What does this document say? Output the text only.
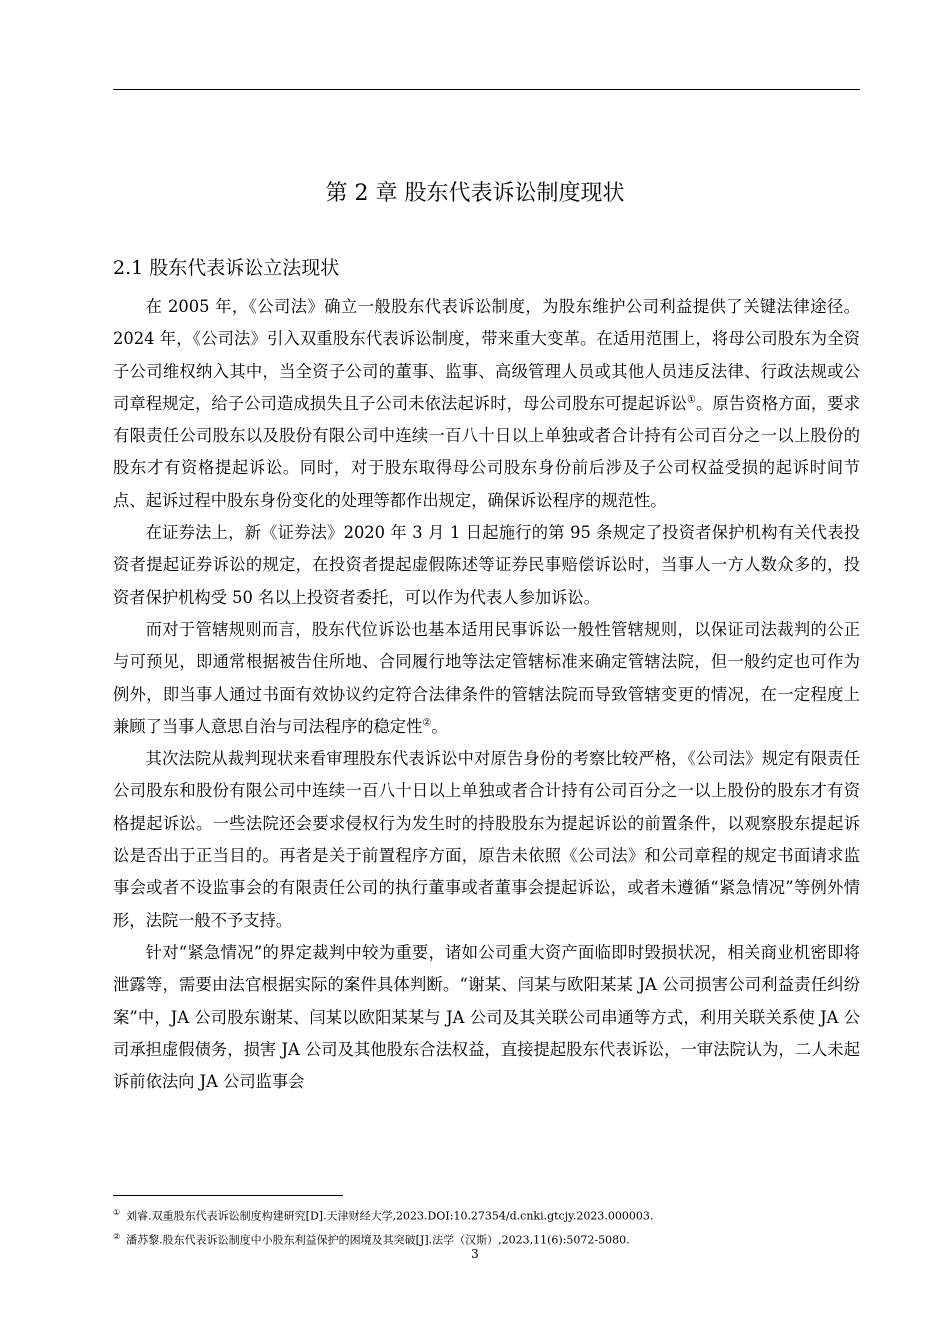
第 2 章 股东代表诉讼制度现状
2.1 股东代表诉讼立法现状

在 2005 年，《公司法》确立一般股东代表诉讼制度，为股东维护公司利益提供了关键法律途径。2024 年，《公司法》引入双重股东代表诉讼制度，带来重大变革。在适用范围上，将母公司股东为全资子公司维权纳入其中，当全资子公司的董事、监事、高级管理人员或其他人员违反法律、行政法规或公司章程规定，给子公司造成损失且子公司未依法起诉时，母公司股东可提起诉讼①。原告资格方面，要求有限责任公司股东以及股份有限公司中连续一百八十日以上单独或者合计持有公司百分之一以上股份的股东才有资格提起诉讼。同时，对于股东取得母公司股东身份前后涉及子公司权益受损的起诉时间节点、起诉过程中股东身份变化的处理等都作出规定，确保诉讼程序的规范性。

在证券法上，新《证券法》2020 年 3 月 1 日起施行的第 95 条规定了投资者保护机构有关代表投资者提起证券诉讼的规定，在投资者提起虚假陈述等证券民事赔偿诉讼时，当事人一方人数众多的，投资者保护机构受 50 名以上投资者委托，可以作为代表人参加诉讼。

而对于管辖规则而言，股东代位诉讼也基本适用民事诉讼一般性管辖规则，以保证司法裁判的公正与可预见，即通常根据被告住所地、合同履行地等法定管辖标准来确定管辖法院，但一般约定也可作为例外，即当事人通过书面有效协议约定符合法律条件的管辖法院而导致管辖变更的情况，在一定程度上兼顾了当事人意思自治与司法程序的稳定性②。

其次法院从裁判现状来看审理股东代表诉讼中对原告身份的考察比较严格，《公司法》规定有限责任公司股东和股份有限公司中连续一百八十日以上单独或者合计持有公司百分之一以上股份的股东才有资格提起诉讼。一些法院还会要求侵权行为发生时的持股股东为提起诉讼的前置条件，以观察股东提起诉讼是否出于正当目的。再者是关于前置程序方面，原告未依照《公司法》和公司章程的规定书面请求监事会或者不设监事会的有限责任公司的执行董事或者董事会提起诉讼，或者未遵循“紧急情况”等例外情形，法院一般不予支持。

针对“紧急情况”的界定裁判中较为重要，诸如公司重大资产面临即时毁损状况，相关商业机密即将泄露等，需要由法官根据实际的案件具体判断。“谢某、闫某与欧阳某某 JA 公司损害公司利益责任纠纷案”中，JA 公司股东谢某、闫某以欧阳某某与 JA 公司及其关联公司串通等方式，利用关联关系使 JA 公司承担虚假债务，损害 JA 公司及其他股东合法权益，直接提起股东代表诉讼，一审法院认为，二人未起诉前依法向 JA 公司监事会

① 刘睿.双重股东代表诉讼制度构建研究[D].天津财经大学,2023.DOI:10.27354/d.cnki.gtcjy.2023.000003.
② 潘苏黎.股东代表诉讼制度中小股东利益保护的困境及其突破[J].法学（汉斯）,2023,11(6):5072-5080.
3
